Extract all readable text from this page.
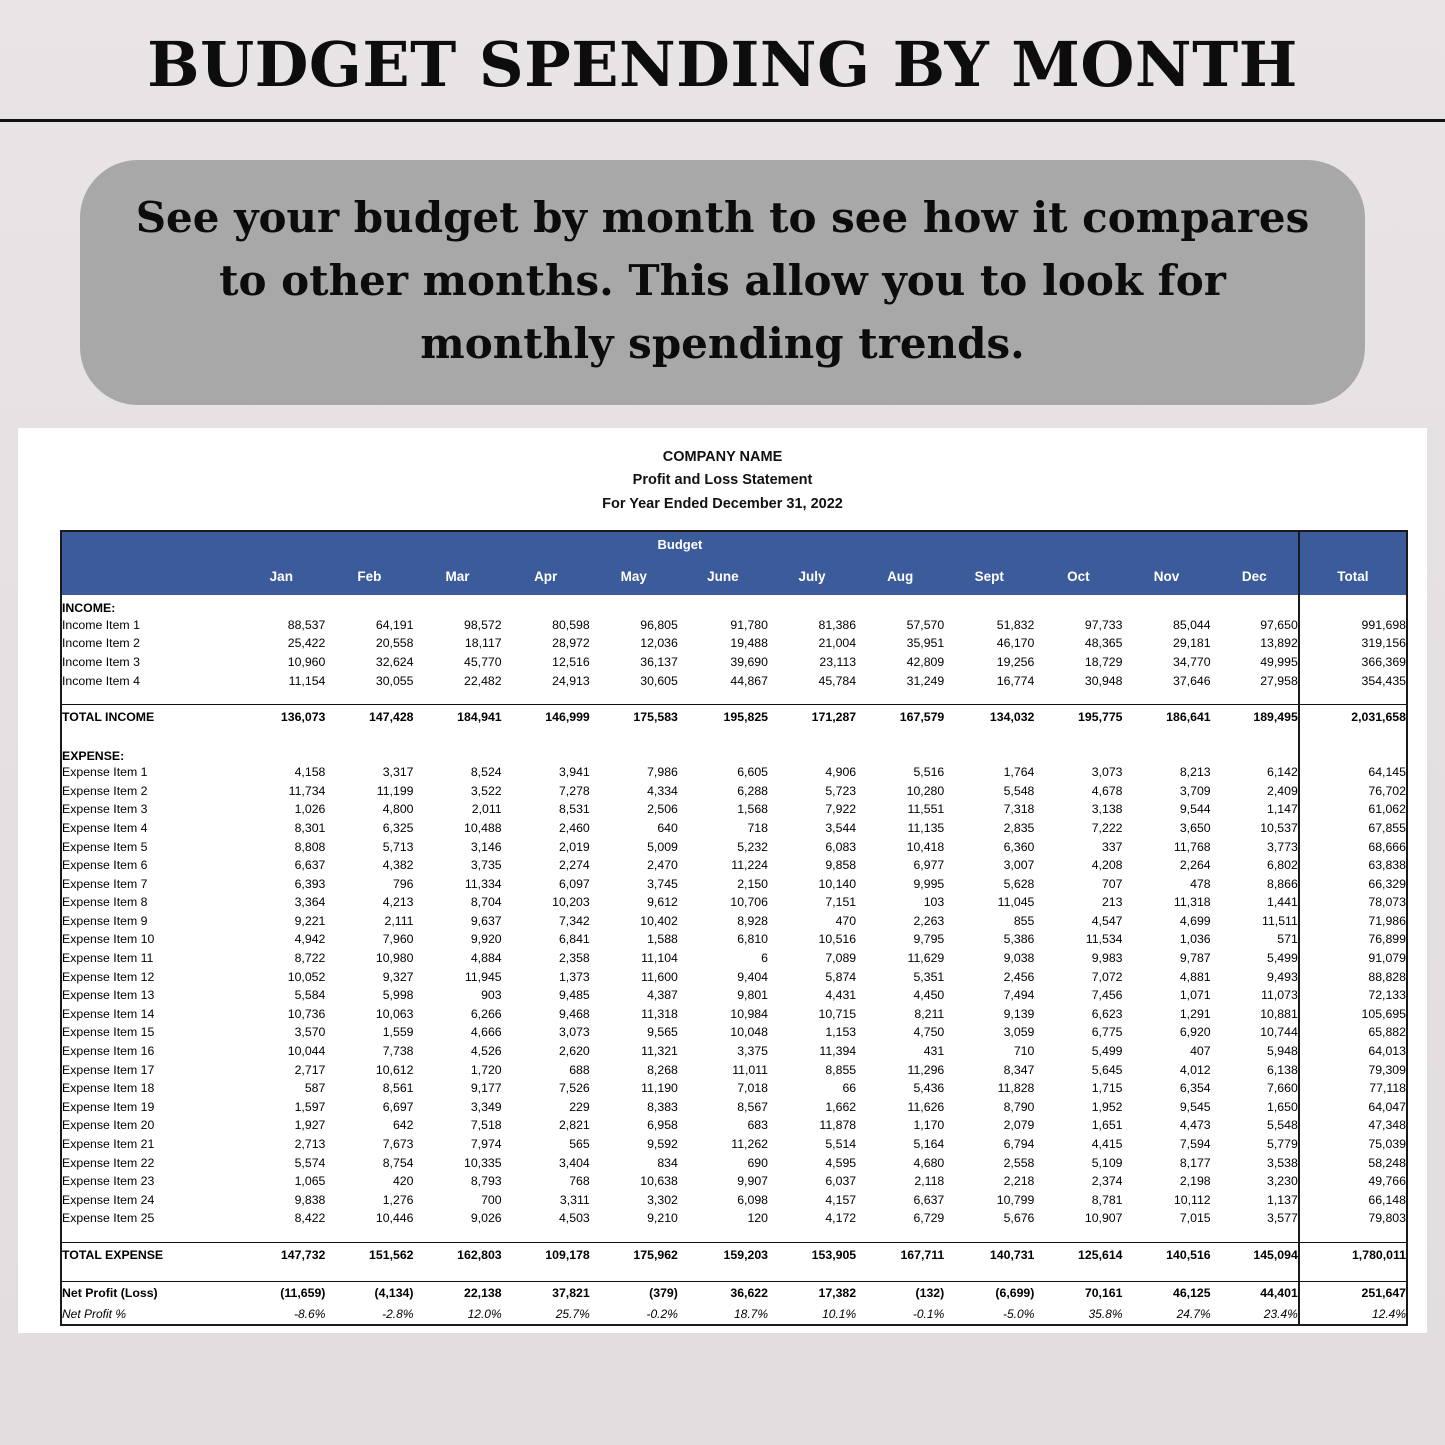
BUDGET SPENDING BY MONTH

See your budget by month to see how it compares to other months. This allow you to look for monthly spending trends.

COMPANY NAME
Profit and Loss Statement
For Year Ended December 31, 2022
Budget													
	Jan	Feb	Mar	Apr	May	June	July	Aug	Sept	Oct	Nov	Dec	Total
INCOME:													
Income Item 1	88,537	64,191	98,572	80,598	96,805	91,780	81,386	57,570	51,832	97,733	85,044	97,650	991,698
Income Item 2	25,422	20,558	18,117	28,972	12,036	19,488	21,004	35,951	46,170	48,365	29,181	13,892	319,156
Income Item 3	10,960	32,624	45,770	12,516	36,137	39,690	23,113	42,809	19,256	18,729	34,770	49,995	366,369
Income Item 4	11,154	30,055	22,482	24,913	30,605	44,867	45,784	31,249	16,774	30,948	37,646	27,958	354,435

TOTAL INCOME	136,073	147,428	184,941	146,999	175,583	195,825	171,287	167,579	134,032	195,775	186,641	189,495	2,031,658

EXPENSE:													
Expense Item 1	4,158	3,317	8,524	3,941	7,986	6,605	4,906	5,516	1,764	3,073	8,213	6,142	64,145
Expense Item 2	11,734	11,199	3,522	7,278	4,334	6,288	5,723	10,280	5,548	4,678	3,709	2,409	76,702
Expense Item 3	1,026	4,800	2,011	8,531	2,506	1,568	7,922	11,551	7,318	3,138	9,544	1,147	61,062
Expense Item 4	8,301	6,325	10,488	2,460	640	718	3,544	11,135	2,835	7,222	3,650	10,537	67,855
Expense Item 5	8,808	5,713	3,146	2,019	5,009	5,232	6,083	10,418	6,360	337	11,768	3,773	68,666
Expense Item 6	6,637	4,382	3,735	2,274	2,470	11,224	9,858	6,977	3,007	4,208	2,264	6,802	63,838
Expense Item 7	6,393	796	11,334	6,097	3,745	2,150	10,140	9,995	5,628	707	478	8,866	66,329
Expense Item 8	3,364	4,213	8,704	10,203	9,612	10,706	7,151	103	11,045	213	11,318	1,441	78,073
Expense Item 9	9,221	2,111	9,637	7,342	10,402	8,928	470	2,263	855	4,547	4,699	11,511	71,986
Expense Item 10	4,942	7,960	9,920	6,841	1,588	6,810	10,516	9,795	5,386	11,534	1,036	571	76,899
Expense Item 11	8,722	10,980	4,884	2,358	11,104	6	7,089	11,629	9,038	9,983	9,787	5,499	91,079
Expense Item 12	10,052	9,327	11,945	1,373	11,600	9,404	5,874	5,351	2,456	7,072	4,881	9,493	88,828
Expense Item 13	5,584	5,998	903	9,485	4,387	9,801	4,431	4,450	7,494	7,456	1,071	11,073	72,133
Expense Item 14	10,736	10,063	6,266	9,468	11,318	10,984	10,715	8,211	9,139	6,623	1,291	10,881	105,695
Expense Item 15	3,570	1,559	4,666	3,073	9,565	10,048	1,153	4,750	3,059	6,775	6,920	10,744	65,882
Expense Item 16	10,044	7,738	4,526	2,620	11,321	3,375	11,394	431	710	5,499	407	5,948	64,013
Expense Item 17	2,717	10,612	1,720	688	8,268	11,011	8,855	11,296	8,347	5,645	4,012	6,138	79,309
Expense Item 18	587	8,561	9,177	7,526	11,190	7,018	66	5,436	11,828	1,715	6,354	7,660	77,118
Expense Item 19	1,597	6,697	3,349	229	8,383	8,567	1,662	11,626	8,790	1,952	9,545	1,650	64,047
Expense Item 20	1,927	642	7,518	2,821	6,958	683	11,878	1,170	2,079	1,651	4,473	5,548	47,348
Expense Item 21	2,713	7,673	7,974	565	9,592	11,262	5,514	5,164	6,794	4,415	7,594	5,779	75,039
Expense Item 22	5,574	8,754	10,335	3,404	834	690	4,595	4,680	2,558	5,109	8,177	3,538	58,248
Expense Item 23	1,065	420	8,793	768	10,638	9,907	6,037	2,118	2,218	2,374	2,198	3,230	49,766
Expense Item 24	9,838	1,276	700	3,311	3,302	6,098	4,157	6,637	10,799	8,781	10,112	1,137	66,148
Expense Item 25	8,422	10,446	9,026	4,503	9,210	120	4,172	6,729	5,676	10,907	7,015	3,577	79,803

TOTAL EXPENSE	147,732	151,562	162,803	109,178	175,962	159,203	153,905	167,711	140,731	125,614	140,516	145,094	1,780,011

Net Profit (Loss)	(11,659)	(4,134)	22,138	37,821	(379)	36,622	17,382	(132)	(6,699)	70,161	46,125	44,401	251,647
Net Profit %	-8.6%	-2.8%	12.0%	25.7%	-0.2%	18.7%	10.1%	-0.1%	-5.0%	35.8%	24.7%	23.4%	12.4%
